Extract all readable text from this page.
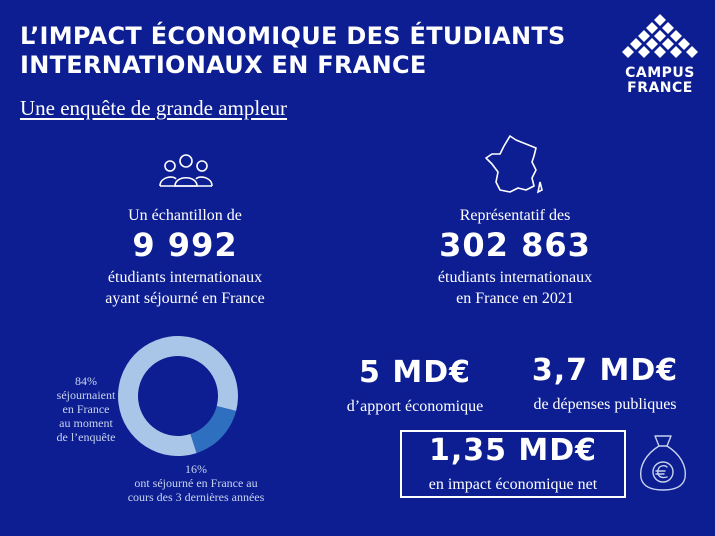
L’IMPACT ÉCONOMIQUE DES ÉTUDIANTS
INTERNATIONAUX EN FRANCE
Une enquête de grande ampleur
CAMPUS
FRANCE
Un échantillon de
9 992
étudiants internationaux
ayant séjourné en France
Représentatif des
302 863
étudiants internationaux
en France en 2021
84%
séjournaient
en France
au moment
de l’enquête
16%
ont séjourné en France au
cours des 3 dernières années
5 MD€
d’apport économique
3,7 MD€
de dépenses publiques
1,35 MD€
en impact économique net
